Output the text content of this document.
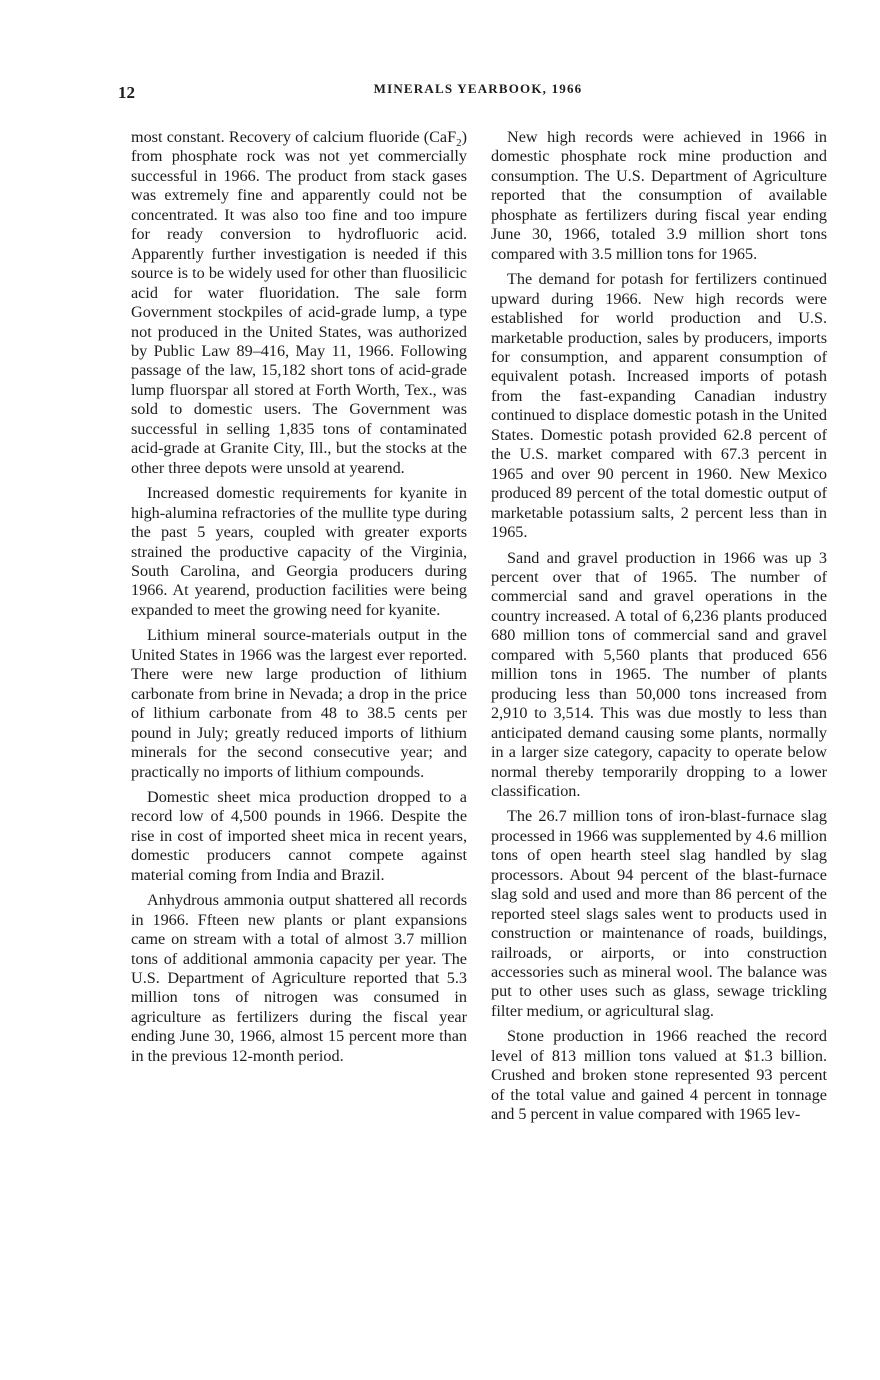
12	MINERALS YEARBOOK, 1966

most constant. Recovery of calcium fluoride (CaF$_2$) from phosphate rock was not yet commercially successful in 1966. The product from stack gases was extremely fine and apparently could not be concentrated. It was also too fine and too impure for ready conversion to hydrofluoric acid. Apparently further investigation is needed if this source is to be widely used for other than fluosilicic acid for water fluoridation. The sale form Government stockpiles of acid-grade lump, a type not produced in the United States, was authorized by Public Law 89–416, May 11, 1966. Following passage of the law, 15,182 short tons of acid-grade lump fluorspar all stored at Forth Worth, Tex., was sold to domestic users. The Government was successful in selling 1,835 tons of contaminated acid-grade at Granite City, Ill., but the stocks at the other three depots were unsold at yearend.

Increased domestic requirements for kyanite in high-alumina refractories of the mullite type during the past 5 years, coupled with greater exports strained the productive capacity of the Virginia, South Carolina, and Georgia producers during 1966. At yearend, production facilities were being expanded to meet the growing need for kyanite.

Lithium mineral source-materials output in the United States in 1966 was the largest ever reported. There were new large production of lithium carbonate from brine in Nevada; a drop in the price of lithium carbonate from 48 to 38.5 cents per pound in July; greatly reduced imports of lithium minerals for the second consecutive year; and practically no imports of lithium compounds.

Domestic sheet mica production dropped to a record low of 4,500 pounds in 1966. Despite the rise in cost of imported sheet mica in recent years, domestic producers cannot compete against material coming from India and Brazil.

Anhydrous ammonia output shattered all records in 1966. Ffteen new plants or plant expansions came on stream with a total of almost 3.7 million tons of additional ammonia capacity per year. The U.S. Department of Agriculture reported that 5.3 million tons of nitrogen was consumed in agriculture as fertilizers during the fiscal year ending June 30, 1966, almost 15 percent more than in the previous 12-month period.

New high records were achieved in 1966 in domestic phosphate rock mine production and consumption. The U.S. Department of Agriculture reported that the consumption of available phosphate as fertilizers during fiscal year ending June 30, 1966, totaled 3.9 million short tons compared with 3.5 million tons for 1965.

The demand for potash for fertilizers continued upward during 1966. New high records were established for world production and U.S. marketable production, sales by producers, imports for consumption, and apparent consumption of equivalent potash. Increased imports of potash from the fast-expanding Canadian industry continued to displace domestic potash in the United States. Domestic potash provided 62.8 percent of the U.S. market compared with 67.3 percent in 1965 and over 90 percent in 1960. New Mexico produced 89 percent of the total domestic output of marketable potassium salts, 2 percent less than in 1965.

Sand and gravel production in 1966 was up 3 percent over that of 1965. The number of commercial sand and gravel operations in the country increased. A total of 6,236 plants produced 680 million tons of commercial sand and gravel compared with 5,560 plants that produced 656 million tons in 1965. The number of plants producing less than 50,000 tons increased from 2,910 to 3,514. This was due mostly to less than anticipated demand causing some plants, normally in a larger size category, capacity to operate below normal thereby temporarily dropping to a lower classification.

The 26.7 million tons of iron-blast-furnace slag processed in 1966 was supplemented by 4.6 million tons of open hearth steel slag handled by slag processors. About 94 percent of the blast-furnace slag sold and used and more than 86 percent of the reported steel slags sales went to products used in construction or maintenance of roads, buildings, railroads, or airports, or into construction accessories such as mineral wool. The balance was put to other uses such as glass, sewage trickling filter medium, or agricultural slag.

Stone production in 1966 reached the record level of 813 million tons valued at $1.3 billion. Crushed and broken stone represented 93 percent of the total value and gained 4 percent in tonnage and 5 percent in value compared with 1965 lev-
